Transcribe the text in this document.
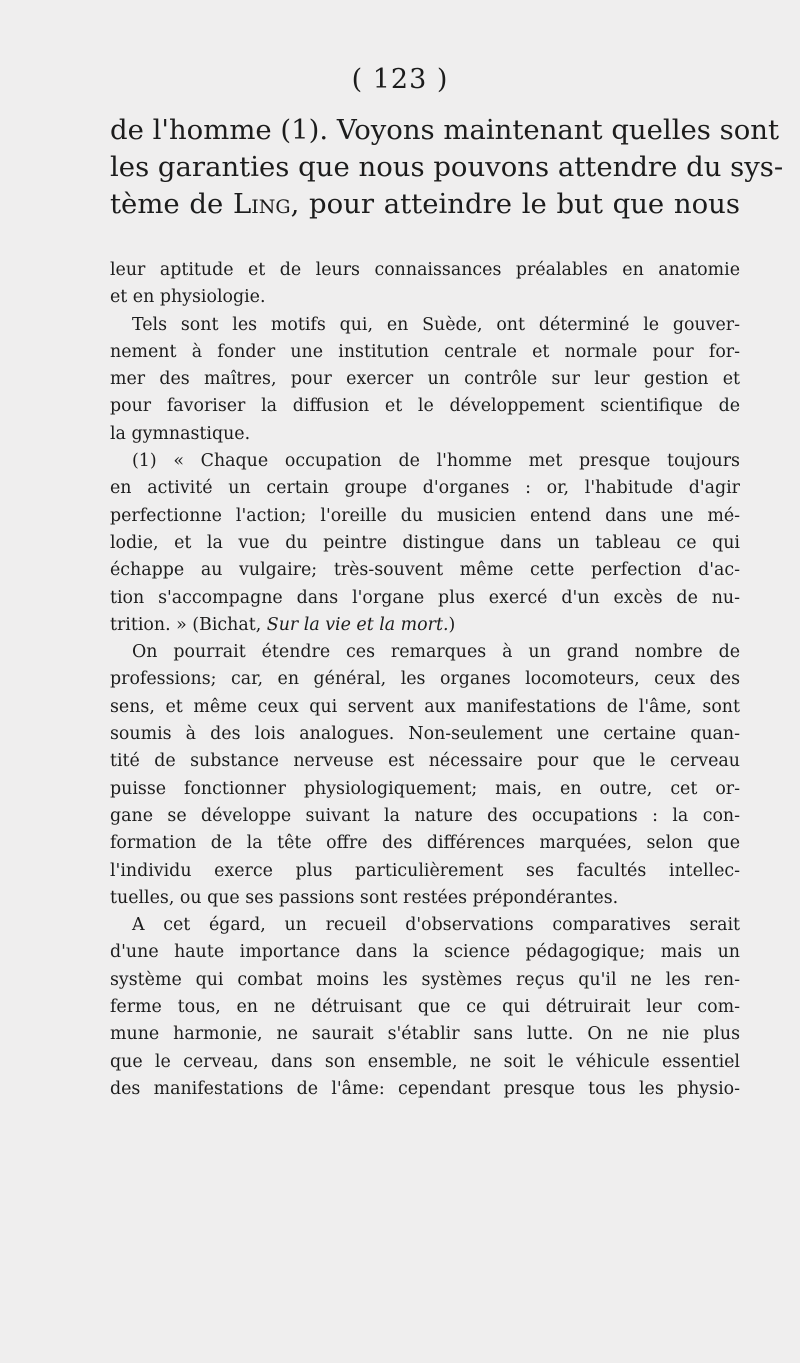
( 123 )
de l'homme (1). Voyons maintenant quelles sont
les garanties que nous pouvons attendre du sys-
tème de Ling, pour atteindre le but que nous
leur aptitude et de leurs connaissances préalables en anatomie
et en physiologie.
Tels sont les motifs qui, en Suède, ont déterminé le gouver-
nement à fonder une institution centrale et normale pour for-
mer des maîtres, pour exercer un contrôle sur leur gestion et
pour favoriser la diffusion et le développement scientifique de
la gymnastique.
(1) « Chaque occupation de l'homme met presque toujours
en activité un certain groupe d'organes : or, l'habitude d'agir
perfectionne l'action; l'oreille du musicien entend dans une mé-
lodie, et la vue du peintre distingue dans un tableau ce qui
échappe au vulgaire; très-souvent même cette perfection d'ac-
tion s'accompagne dans l'organe plus exercé d'un excès de nu-
trition. » (Bichat, Sur la vie et la mort.)
On pourrait étendre ces remarques à un grand nombre de
professions; car, en général, les organes locomoteurs, ceux des
sens, et même ceux qui servent aux manifestations de l'âme, sont
soumis à des lois analogues. Non-seulement une certaine quan-
tité de substance nerveuse est nécessaire pour que le cerveau
puisse fonctionner physiologiquement; mais, en outre, cet or-
gane se développe suivant la nature des occupations : la con-
formation de la tête offre des différences marquées, selon que
l'individu exerce plus particulièrement ses facultés intellec-
tuelles, ou que ses passions sont restées prépondérantes.
A cet égard, un recueil d'observations comparatives serait
d'une haute importance dans la science pédagogique; mais un
système qui combat moins les systèmes reçus qu'il ne les ren-
ferme tous, en ne détruisant que ce qui détruirait leur com-
mune harmonie, ne saurait s'établir sans lutte. On ne nie plus
que le cerveau, dans son ensemble, ne soit le véhicule essentiel
des manifestations de l'âme: cependant presque tous les physio-
